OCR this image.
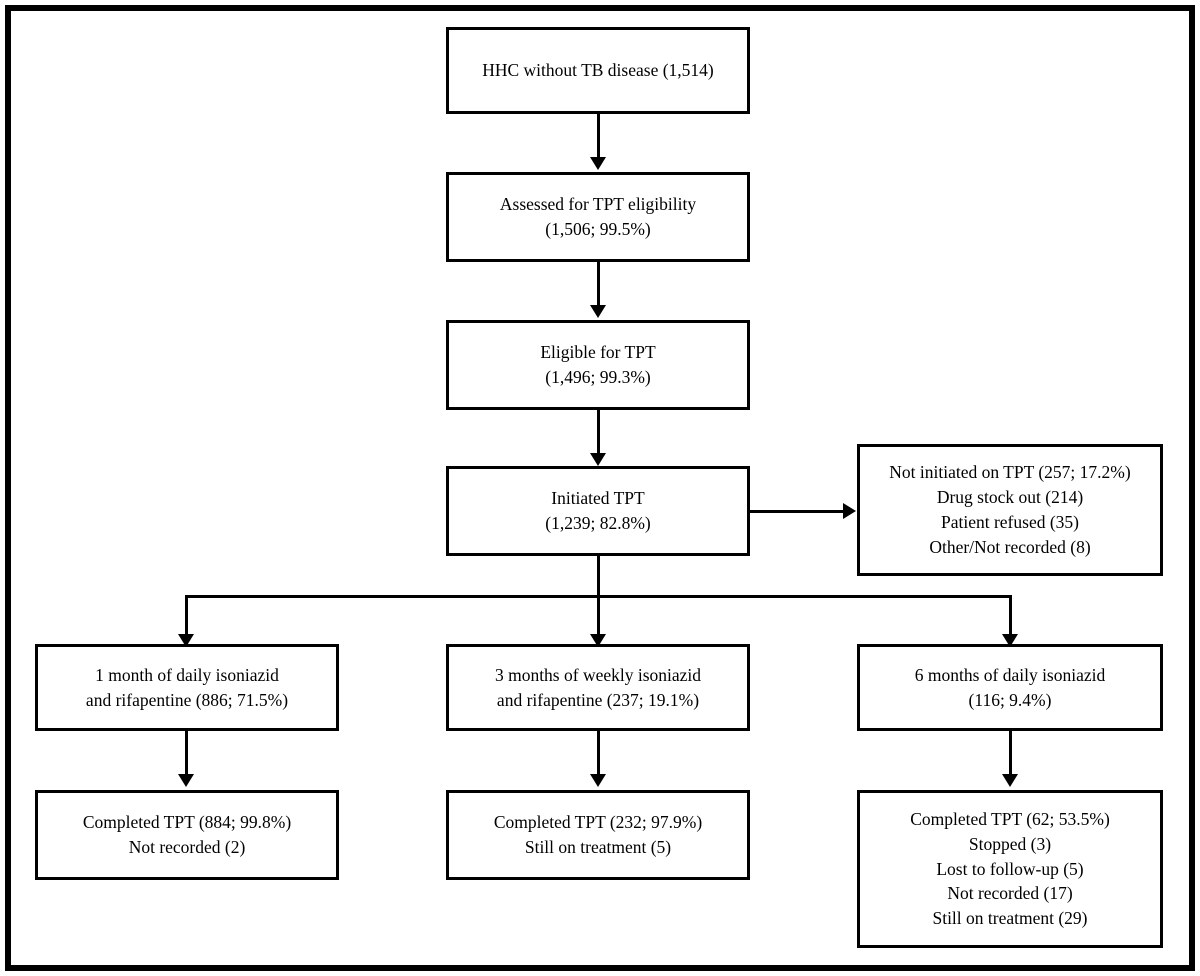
HHC without TB disease (1,514)
Assessed for TPT eligibility
(1,506; 99.5%)
Eligible for TPT
(1,496; 99.3%)
Initiated TPT
(1,239; 82.8%)
Not initiated on TPT (257; 17.2%)
Drug stock out (214)
Patient refused (35)
Other/Not recorded (8)
1 month of daily isoniazid
and rifapentine (886; 71.5%)
3 months of weekly isoniazid
and rifapentine (237; 19.1%)
6 months of daily isoniazid
(116; 9.4%)
Completed TPT (884; 99.8%)
Not recorded (2)
Completed TPT (232; 97.9%)
Still on treatment (5)
Completed TPT (62; 53.5%)
Stopped (3)
Lost to follow-up (5)
Not recorded (17)
Still on treatment (29)
